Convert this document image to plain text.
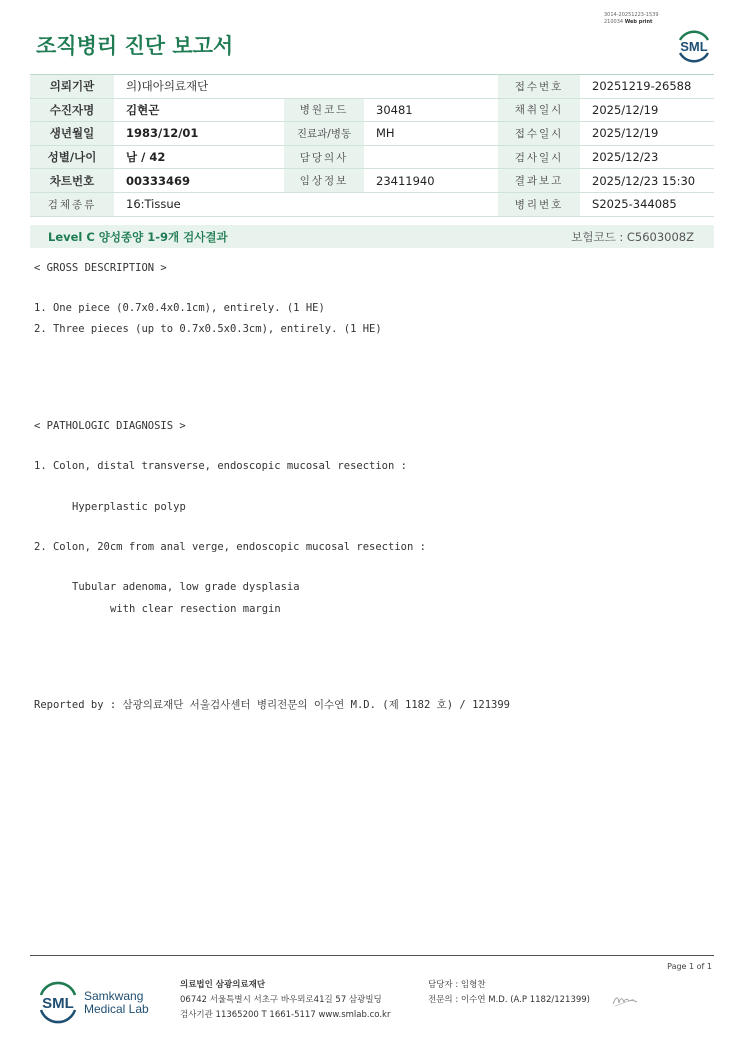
3014-20251223-1539
210034 Web print
조직병리 진단 보고서	SML
의뢰기관	의)대아의료재단			접수번호	20251219-26588
수진자명	김현곤	병원코드	30481	채취일시	2025/12/19
생년월일	1983/12/01	진료과/병동	MH	접수일시	2025/12/19
성별/나이	남 / 42	담당의사		검사일시	2025/12/23
차트번호	00333469	임상정보	23411940	결과보고	2025/12/23 15:30
검체종류	16:Tissue			병리번호	S2025-344085
Level C 양성종양 1-9개 검사결과	보험코드 : C5603008Z
< GROSS DESCRIPTION >
1. One piece (0.7x0.4x0.1cm), entirely. (1 HE)
2. Three pieces (up to 0.7x0.5x0.3cm), entirely. (1 HE)
< PATHOLOGIC DIAGNOSIS >
1. Colon, distal transverse, endoscopic mucosal resection :
Hyperplastic polyp
2. Colon, 20cm from anal verge, endoscopic mucosal resection :
Tubular adenoma, low grade dysplasia
with clear resection margin
Reported by : 삼광의료재단 서울검사센터 병리전문의 이수연 M.D. (제 1182 호) / 121399
Page 1 of 1
SML Samkwang
Medical Lab
의료법인 삼광의료재단
06742 서울특별시 서초구 바우뫼로41길 57 삼광빌딩
검사기관 11365200 T 1661-5117 www.smlab.co.kr
담당자 : 임형찬
전문의 : 이수연 M.D. (A.P 1182/121399)
